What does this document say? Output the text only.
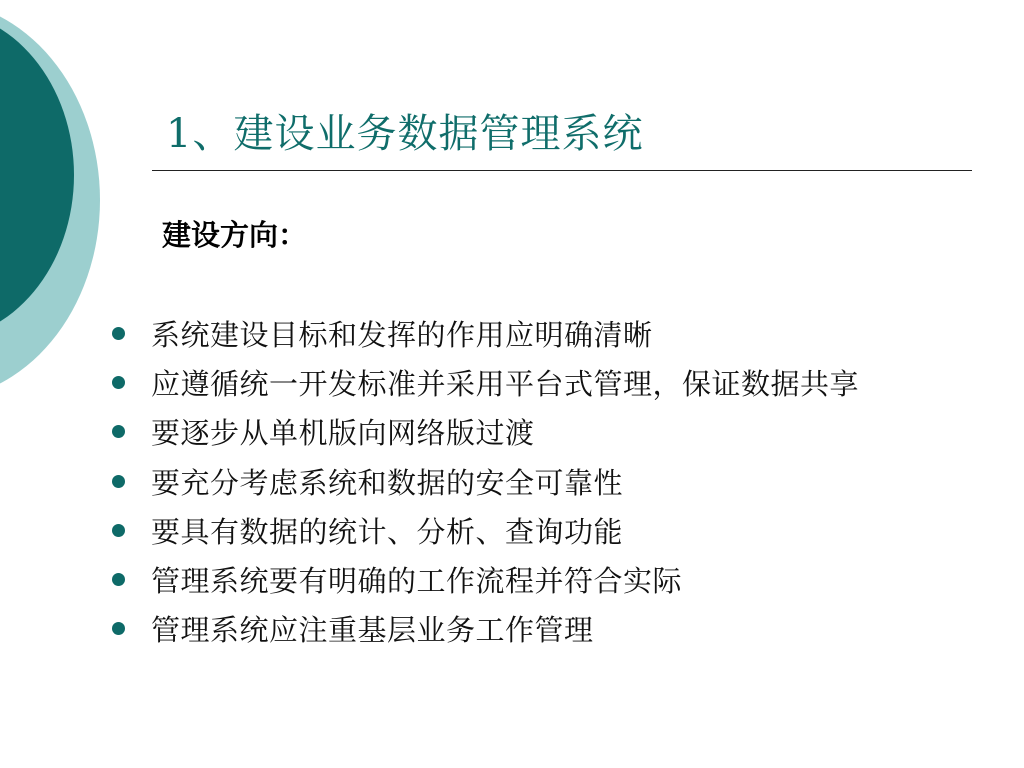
1、建设业务数据管理系统
建设方向：
系统建设目标和发挥的作用应明确清晰
应遵循统一开发标准并采用平台式管理，保证数据共享
要逐步从单机版向网络版过渡
要充分考虑系统和数据的安全可靠性
要具有数据的统计、分析、查询功能
管理系统要有明确的工作流程并符合实际
管理系统应注重基层业务工作管理
